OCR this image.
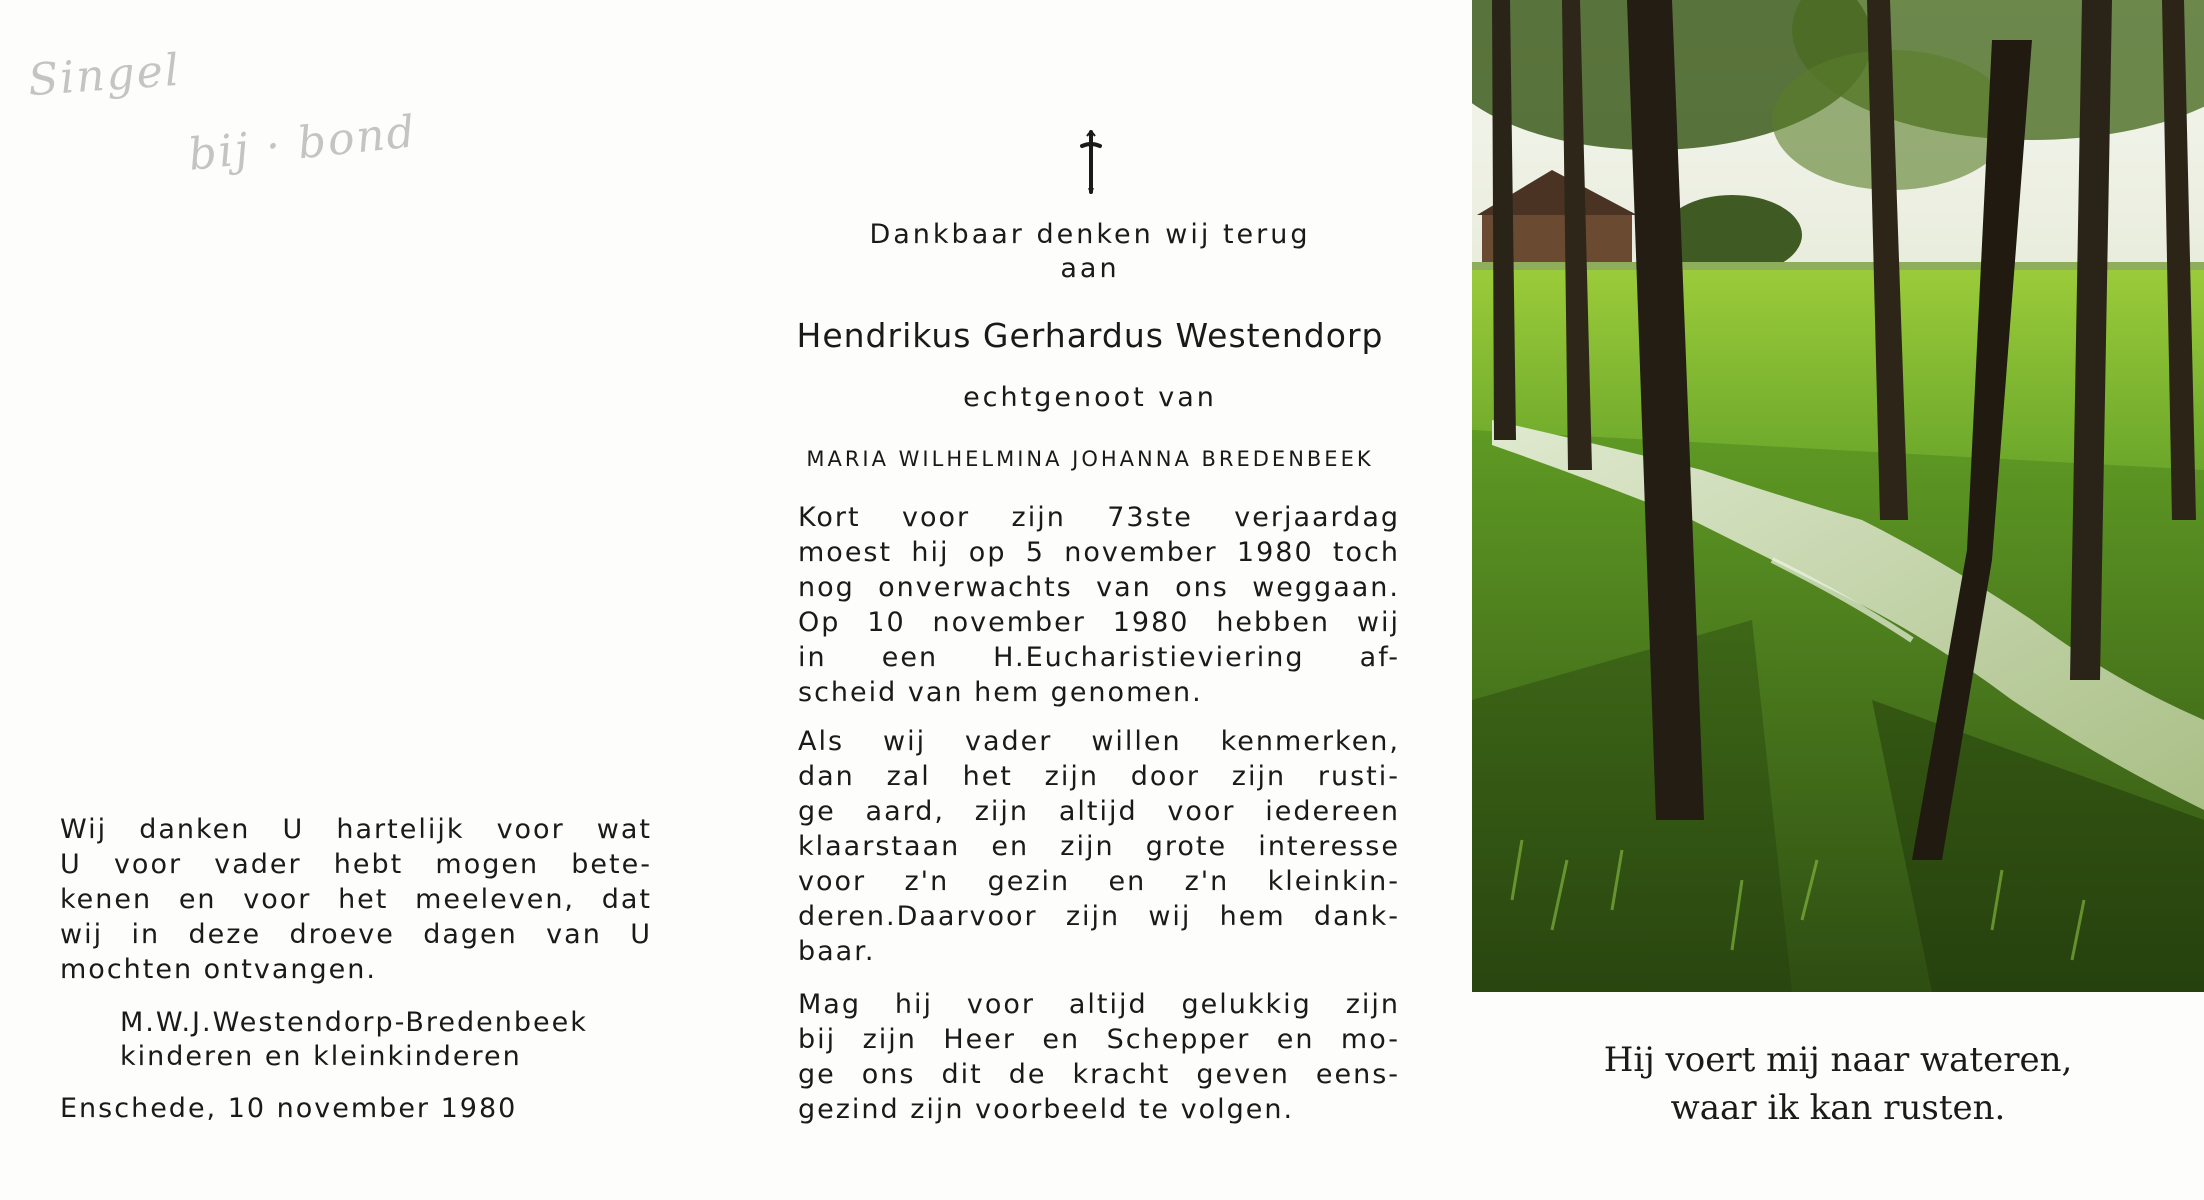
Singel
bij · bond
Wij danken U hartelijk voor wat
U voor vader hebt mogen bete-
kenen en voor het meeleven, dat
wij in deze droeve dagen van U
mochten ontvangen.
M.W.J.Westendorp-Bredenbeek
kinderen en kleinkinderen
Enschede, 10 november 1980
Dankbaar denken wij terug
aan
Hendrikus Gerhardus Westendorp
echtgenoot van
MARIA WILHELMINA JOHANNA BREDENBEEK
Kort voor zijn 73ste verjaardag
moest hij op 5 november 1980 toch
nog onverwachts van ons weggaan.
Op 10 november 1980 hebben wij
in een H.Eucharistieviering af-
scheid van hem genomen.
Als wij vader willen kenmerken,
dan zal het zijn door zijn rusti-
ge aard, zijn altijd voor iedereen
klaarstaan en zijn grote interesse
voor z'n gezin en z'n kleinkin-
deren.Daarvoor zijn wij hem dank-
baar.
Mag hij voor altijd gelukkig zijn
bij zijn Heer en Schepper en mo-
ge ons dit de kracht geven eens-
gezind zijn voorbeeld te volgen.
Hij voert mij naar wateren,
waar ik kan rusten.
